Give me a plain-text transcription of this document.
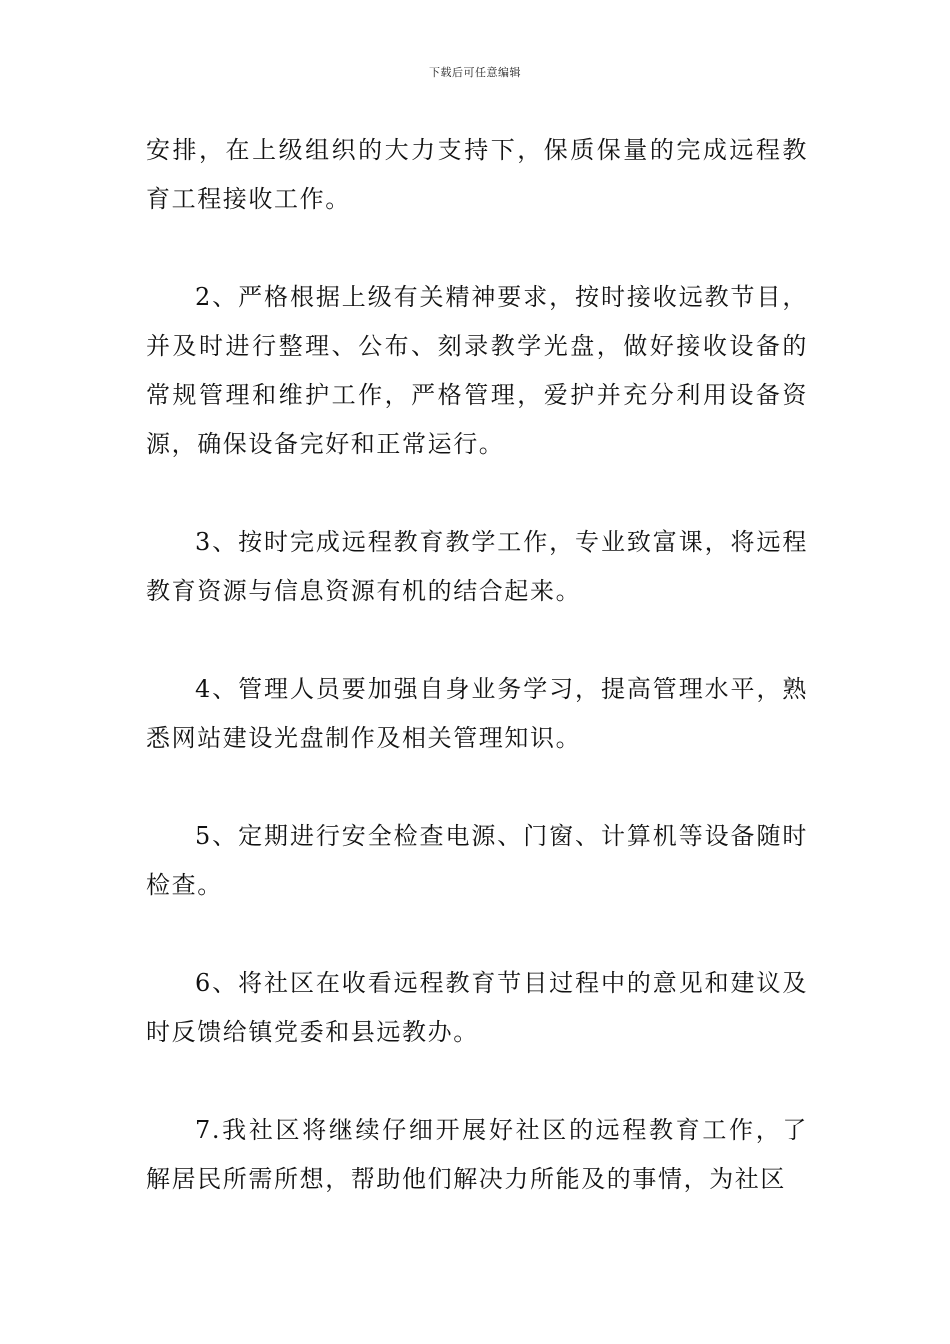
下载后可任意编辑

安排，在上级组织的大力支持下，保质保量的完成远程教育工程接收工作。

2、严格根据上级有关精神要求，按时接收远教节目，并及时进行整理、公布、刻录教学光盘，做好接收设备的常规管理和维护工作，严格管理，爱护并充分利用设备资源，确保设备完好和正常运行。

3、按时完成远程教育教学工作，专业致富课，将远程教育资源与信息资源有机的结合起来。

4、管理人员要加强自身业务学习，提高管理水平，熟悉网站建设光盘制作及相关管理知识。

5、定期进行安全检查电源、门窗、计算机等设备随时检查。

6、将社区在收看远程教育节目过程中的意见和建议及时反馈给镇党委和县远教办。

7.我社区将继续仔细开展好社区的远程教育工作，了解居民所需所想，帮助他们解决力所能及的事情，为社区
